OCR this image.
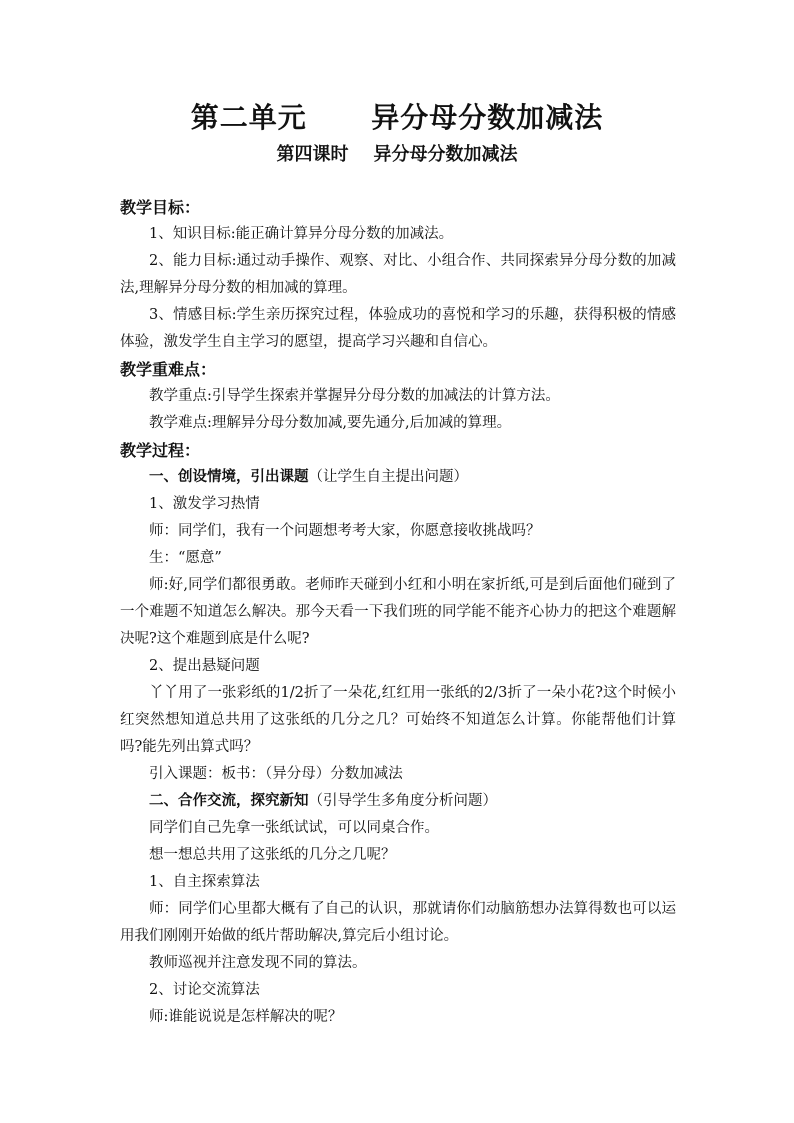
第二单元      异分母分数加减法
第四课时    异分母分数加减法
教学目标：

1、知识目标:能正确计算异分母分数的加减法。

2、能力目标:通过动手操作、观察、对比、小组合作、共同探索异分母分数的加减法,理解异分母分数的相加减的算理。

3、情感目标:学生亲历探究过程，体验成功的喜悦和学习的乐趣，获得积极的情感体验，激发学生自主学习的愿望，提高学习兴趣和自信心。

教学重难点：

教学重点:引导学生探索并掌握异分母分数的加减法的计算方法。

教学难点:理解异分母分数加减,要先通分,后加减的算理。

教学过程：

一、创设情境，引出课题（让学生自主提出问题）

1、激发学习热情

师：同学们，我有一个问题想考考大家，你愿意接收挑战吗？

生：“愿意”

师:好,同学们都很勇敢。老师昨天碰到小红和小明在家折纸,可是到后面他们碰到了一个难题不知道怎么解决。那今天看一下我们班的同学能不能齐心协力的把这个难题解决呢?这个难题到底是什么呢?

2、提出悬疑问题

丫丫用了一张彩纸的1/2折了一朵花,红红用一张纸的2/3折了一朵小花?这个时候小红突然想知道总共用了这张纸的几分之几？可始终不知道怎么计算。你能帮他们计算吗?能先列出算式吗？

引入课题：板书：（异分母）分数加减法

二、合作交流，探究新知（引导学生多角度分析问题）

同学们自己先拿一张纸试试，可以同桌合作。

想一想总共用了这张纸的几分之几呢？

1、自主探索算法

师：同学们心里都大概有了自己的认识，那就请你们动脑筋想办法算得数也可以运用我们刚刚开始做的纸片帮助解决,算完后小组讨论。

教师巡视并注意发现不同的算法。

2、讨论交流算法

师:谁能说说是怎样解决的呢？
